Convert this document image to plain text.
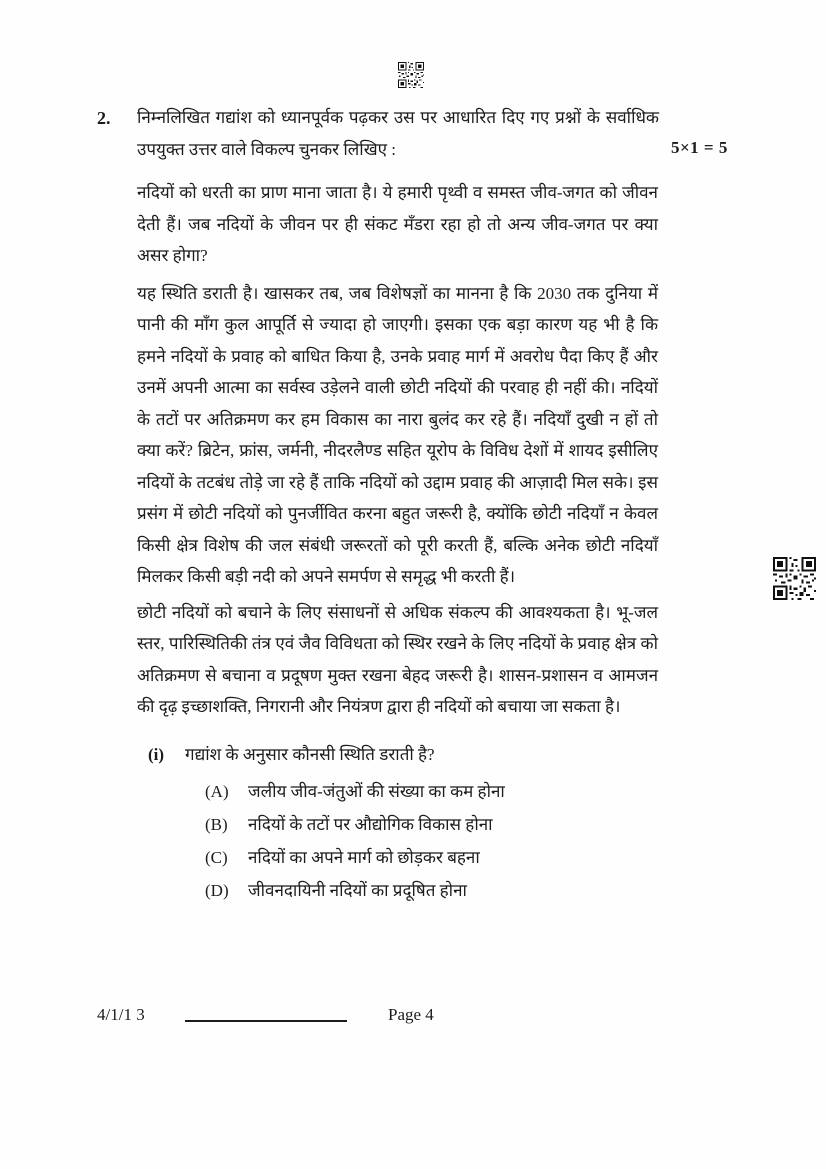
2.	निम्नलिखित गद्यांश को ध्यानपूर्वक पढ़कर उस पर आधारित दिए गए प्रश्नों के सर्वाधिक उपयुक्त उत्तर वाले विकल्प चुनकर लिखिए :	5×1 = 5

नदियों को धरती का प्राण माना जाता है। ये हमारी पृथ्वी व समस्त जीव-जगत को जीवन देती हैं। जब नदियों के जीवन पर ही संकट मँडरा रहा हो तो अन्य जीव-जगत पर क्या असर होगा?

यह स्थिति डराती है। खासकर तब, जब विशेषज्ञों का मानना है कि 2030 तक दुनिया में पानी की माँग कुल आपूर्ति से ज्यादा हो जाएगी। इसका एक बड़ा कारण यह भी है कि हमने नदियों के प्रवाह को बाधित किया है, उनके प्रवाह मार्ग में अवरोध पैदा किए हैं और उनमें अपनी आत्मा का सर्वस्व उड़ेलने वाली छोटी नदियों की परवाह ही नहीं की। नदियों के तटों पर अतिक्रमण कर हम विकास का नारा बुलंद कर रहे हैं। नदियाँ दुखी न हों तो क्या करें? ब्रिटेन, फ्रांस, जर्मनी, नीदरलैण्ड सहित यूरोप के विविध देशों में शायद इसीलिए नदियों के तटबंध तोड़े जा रहे हैं ताकि नदियों को उद्दाम प्रवाह की आज़ादी मिल सके। इस प्रसंग में छोटी नदियों को पुनर्जीवित करना बहुत जरूरी है, क्योंकि छोटी नदियाँ न केवल किसी क्षेत्र विशेष की जल संबंधी जरूरतों को पूरी करती हैं, बल्कि अनेक छोटी नदियाँ मिलकर किसी बड़ी नदी को अपने समर्पण से समृद्ध भी करती हैं।

छोटी नदियों को बचाने के लिए संसाधनों से अधिक संकल्प की आवश्यकता है। भू-जल स्तर, पारिस्थितिकी तंत्र एवं जैव विविधता को स्थिर रखने के लिए नदियों के प्रवाह क्षेत्र को अतिक्रमण से बचाना व प्रदूषण मुक्त रखना बेहद जरूरी है। शासन-प्रशासन व आमजन की दृढ़ इच्छाशक्ति, निगरानी और नियंत्रण द्वारा ही नदियों को बचाया जा सकता है।

(i)	गद्यांश के अनुसार कौनसी स्थिति डराती है?
(A)	जलीय जीव-जंतुओं की संख्या का कम होना
(B)	नदियों के तटों पर औद्योगिक विकास होना
(C)	नदियों का अपने मार्ग को छोड़कर बहना
(D)	जीवनदायिनी नदियों का प्रदूषित होना
4/1/1 3	Page 4
